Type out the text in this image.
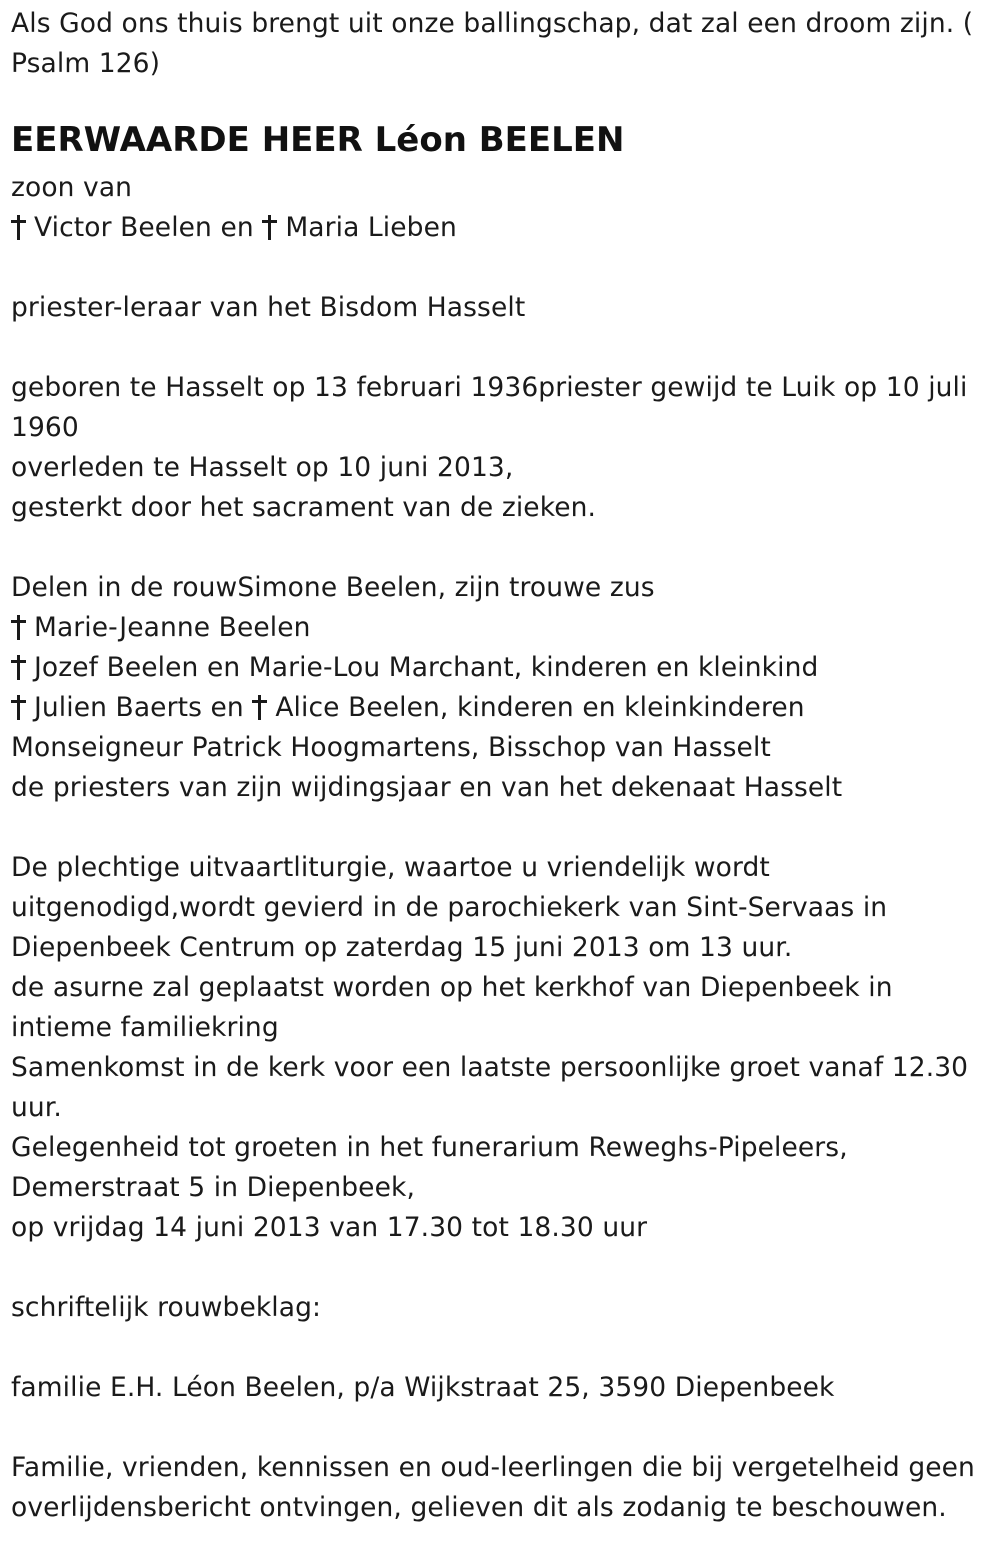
Als God ons thuis brengt uit onze ballingschap, dat zal een droom zijn. ( Psalm 126)
EERWAARDE HEER Léon BEELEN
zoon van
Victor Beelen en Maria Lieben
priester-leraar van het Bisdom Hasselt
geboren te Hasselt op 13 februari 1936priester gewijd te Luik op 10 juli 1960
overleden te Hasselt op 10 juni 2013,
gesterkt door het sacrament van de zieken.
Delen in de rouwSimone Beelen, zijn trouwe zus
Marie-Jeanne Beelen
Jozef Beelen en Marie-Lou Marchant, kinderen en kleinkind
Julien Baerts en Alice Beelen, kinderen en kleinkinderen
Monseigneur Patrick Hoogmartens, Bisschop van Hasselt
de priesters van zijn wijdingsjaar en van het dekenaat Hasselt
De plechtige uitvaartliturgie, waartoe u vriendelijk wordt uitgenodigd,wordt gevierd in de parochiekerk van Sint-Servaas in Diepenbeek Centrum op zaterdag 15 juni 2013 om 13 uur.
de asurne zal geplaatst worden op het kerkhof van Diepenbeek in intieme familiekring
Samenkomst in de kerk voor een laatste persoonlijke groet vanaf 12.30 uur.
Gelegenheid tot groeten in het funerarium Reweghs-Pipeleers, Demerstraat 5 in Diepenbeek,
op vrijdag 14 juni 2013 van 17.30 tot 18.30 uur
schriftelijk rouwbeklag:
familie E.H. Léon Beelen, p/a Wijkstraat 25, 3590 Diepenbeek
Familie, vrienden, kennissen en oud-leerlingen die bij vergetelheid geen overlijdensbericht ontvingen, gelieven dit als zodanig te beschouwen.
